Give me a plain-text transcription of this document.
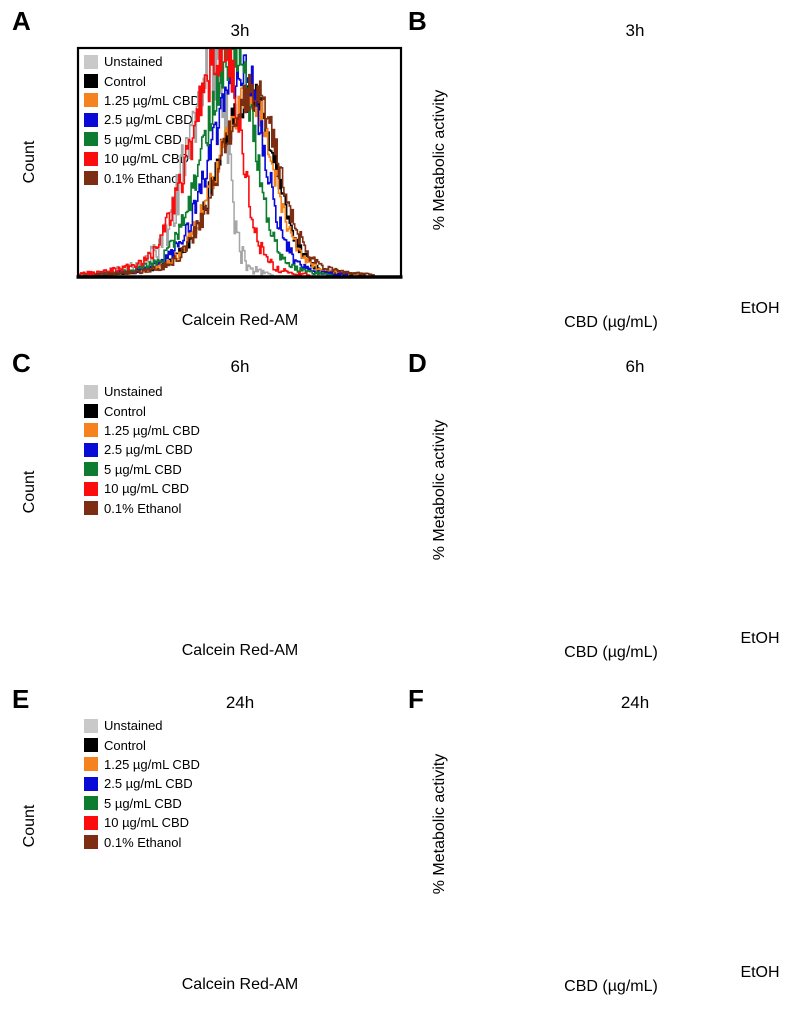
A	3h
Count
Calcein Red-AM
Unstained
Control
1.25 µg/mL CBD
2.5 µg/mL CBD
5 µg/mL CBD
10 µg/mL CBD
0.1% Ethanol
B	3h
% Metabolic activity
CBD (µg/mL)
EtOH
C	6h
Count
Calcein Red-AM
Unstained
Control
1.25 µg/mL CBD
2.5 µg/mL CBD
5 µg/mL CBD
10 µg/mL CBD
0.1% Ethanol
D	6h
% Metabolic activity
CBD (µg/mL)
EtOH
E	24h
Count
Calcein Red-AM
Unstained
Control
1.25 µg/mL CBD
2.5 µg/mL CBD
5 µg/mL CBD
10 µg/mL CBD
0.1% Ethanol
F	24h
% Metabolic activity
CBD (µg/mL)
EtOH
